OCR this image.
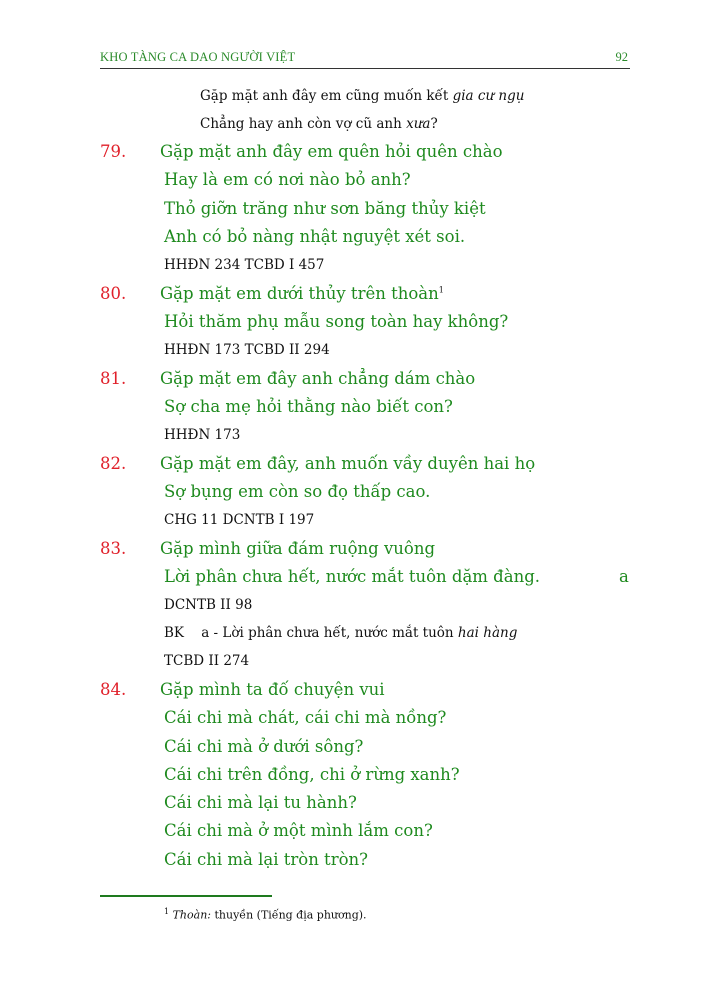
KHO TÀNG CA DAO NGƯỜI VIỆT	92
Gặp mặt anh đây em cũng muốn kết gia cư ngụ
Chẳng hay anh còn vợ cũ anh xưa?
79. Gặp mặt anh đây em quên hỏi quên chào
Hay là em có nơi nào bỏ anh?
Thỏ giỡn trăng như sơn băng thủy kiệt
Anh có bỏ nàng nhật nguyệt xét soi.
HHĐN 234 TCBD I 457
80. Gặp mặt em dưới thủy trên thoàn$^1$
Hỏi thăm phụ mẫu song toàn hay không?
HHĐN 173 TCBD II 294
81. Gặp mặt em đây anh chẳng dám chào
Sợ cha mẹ hỏi thằng nào biết con?
HHĐN 173
82. Gặp mặt em đây, anh muốn vầy duyên hai họ
Sợ bụng em còn so đọ thấp cao.
CHG 11 DCNTB I 197
83. Gặp mình giữa đám ruộng vuông
Lời phân chưa hết, nước mắt tuôn dặm đàng.	a
DCNTB II 98
BK a - Lời phân chưa hết, nước mắt tuôn hai hàng
TCBD II 274
84. Gặp mình ta đố chuyện vui
Cái chi mà chát, cái chi mà nồng?
Cái chi mà ở dưới sông?
Cái chi trên đồng, chi ở rừng xanh?
Cái chi mà lại tu hành?
Cái chi mà ở một mình lắm con?
Cái chi mà lại tròn tròn?
$^1$ Thoàn: thuyền (Tiếng địa phương).
